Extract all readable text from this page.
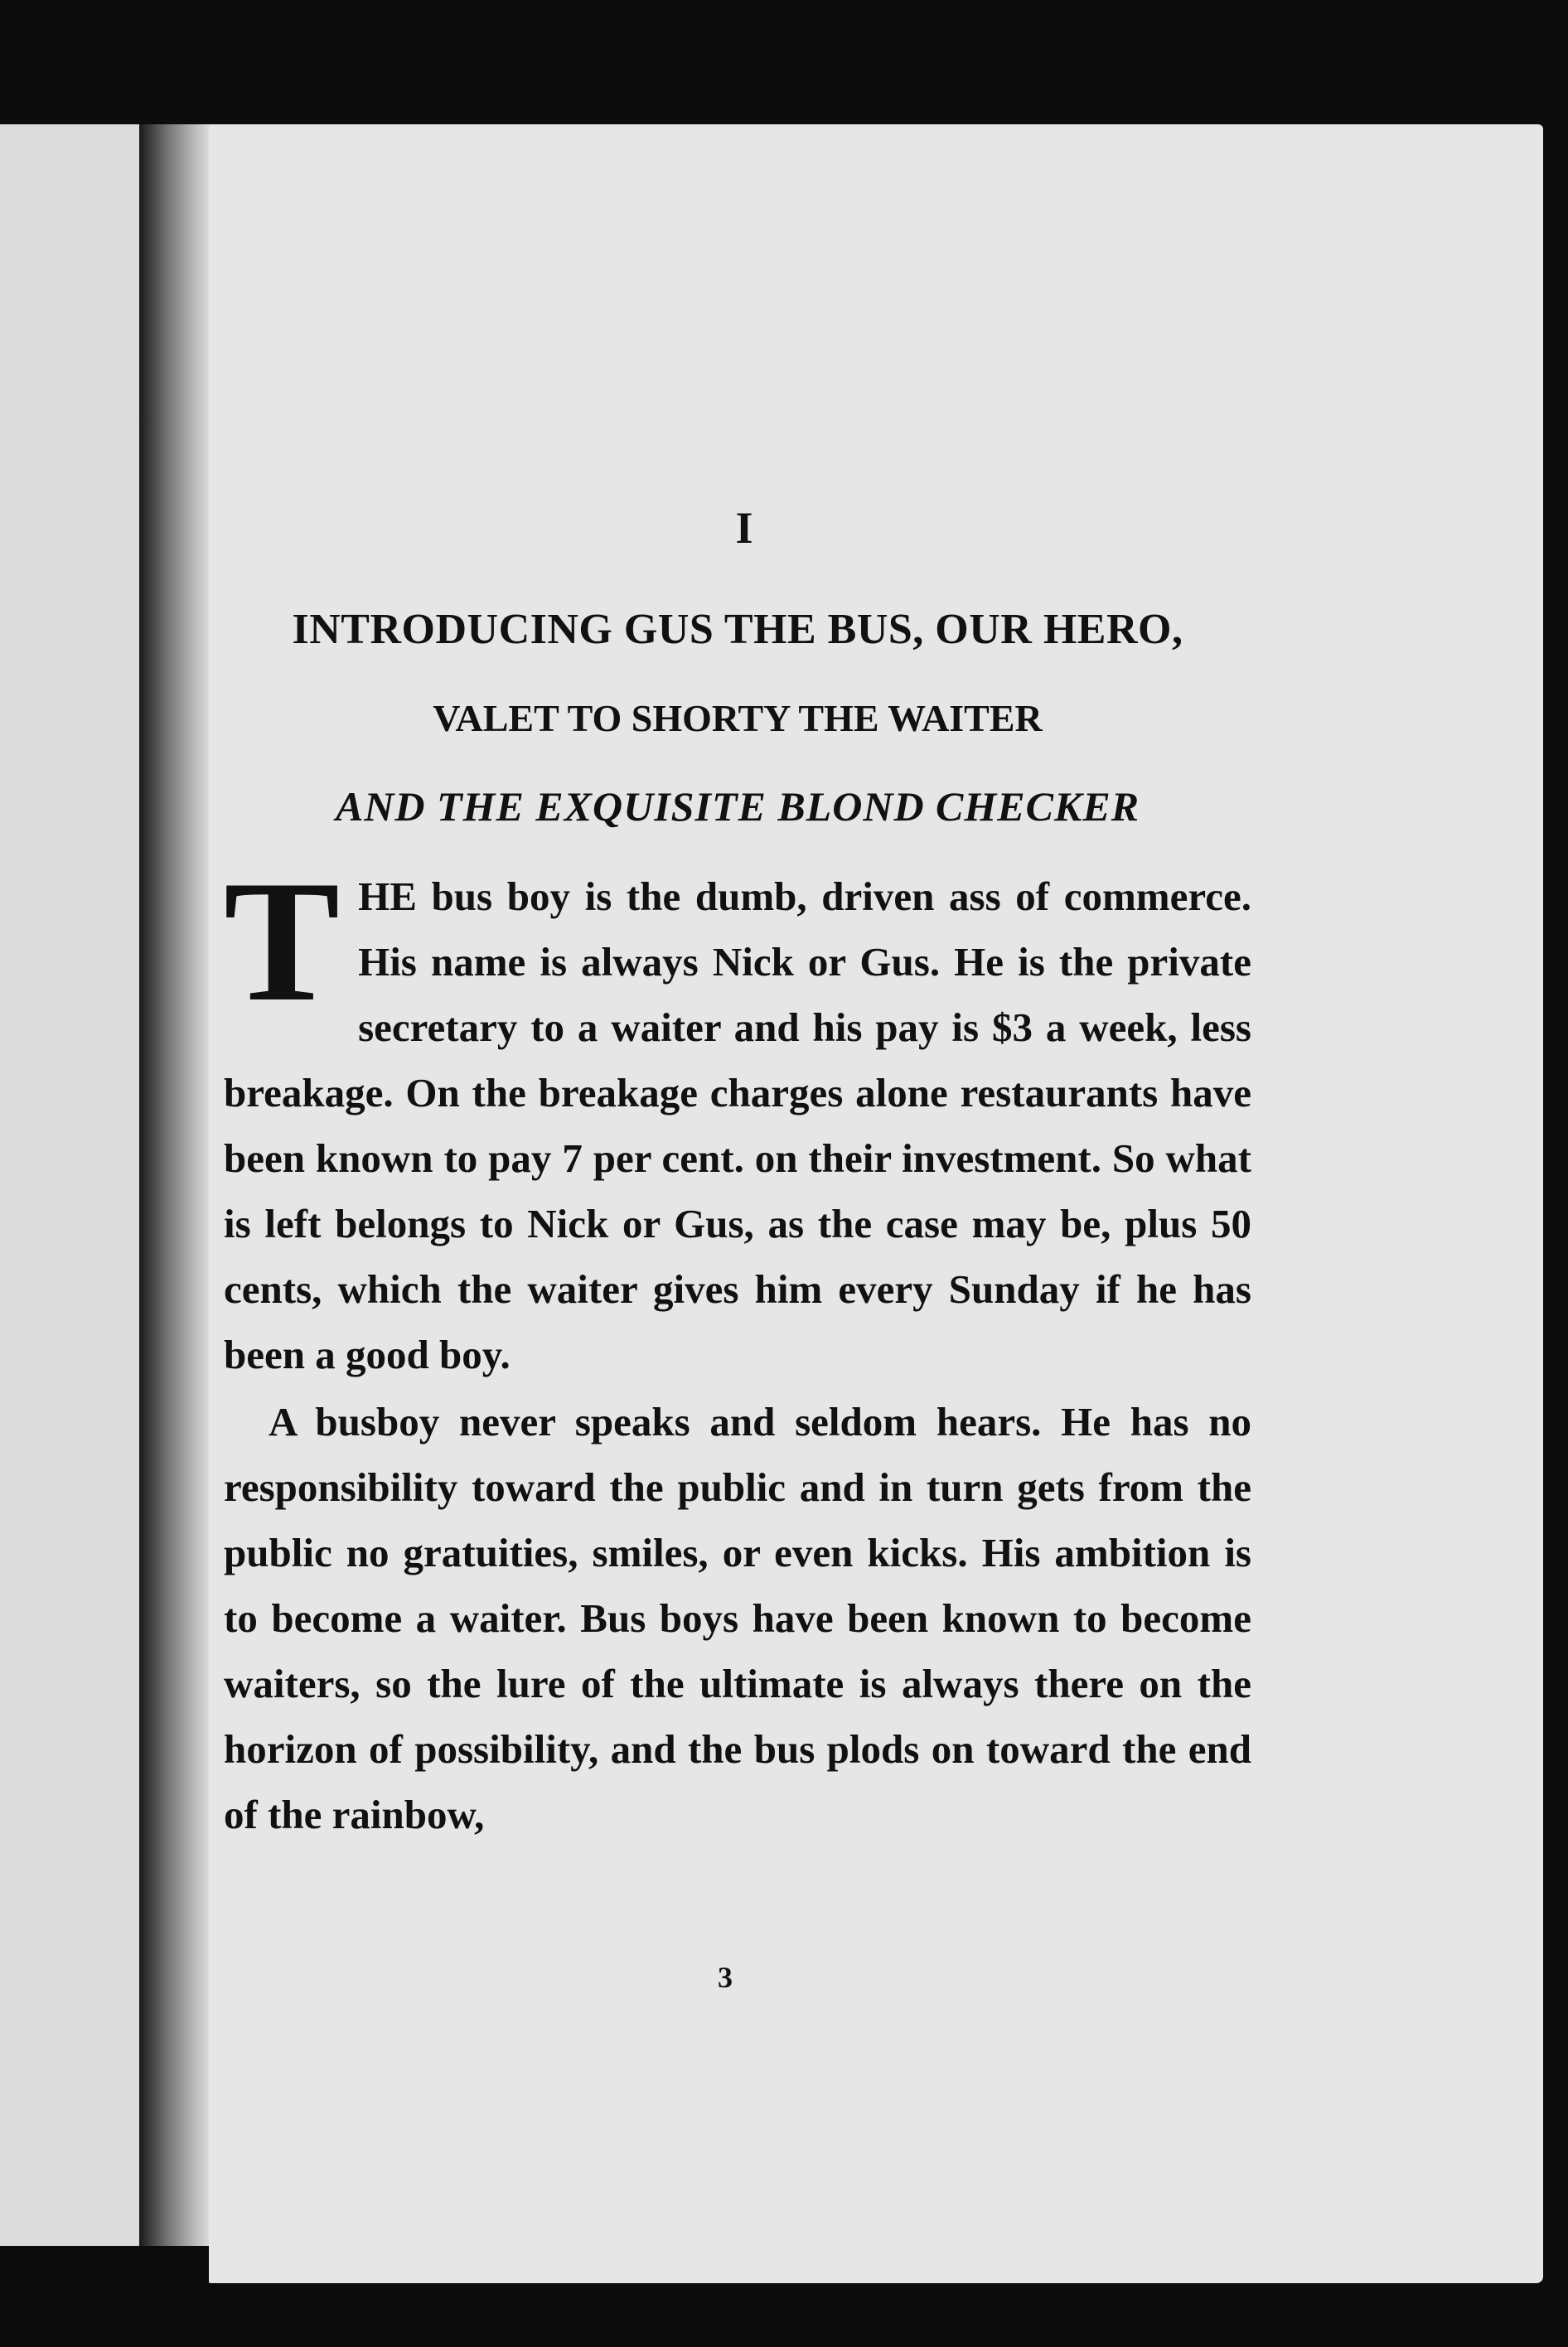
I
INTRODUCING GUS THE BUS, OUR HERO,
VALET TO SHORTY THE WAITER
AND THE EXQUISITE BLOND CHECKER

THE bus boy is the dumb, driven ass of commerce. His name is always Nick or Gus. He is the private secretary to a waiter and his pay is $3 a week, less breakage. On the breakage charges alone restaurants have been known to pay 7 per cent. on their investment. So what is left belongs to Nick or Gus, as the case may be, plus 50 cents, which the waiter gives him every Sunday if he has been a good boy.

A busboy never speaks and seldom hears. He has no responsibility toward the public and in turn gets from the public no gratuities, smiles, or even kicks. His ambition is to become a waiter. Bus boys have been known to become waiters, so the lure of the ultimate is always there on the horizon of possibility, and the bus plods on toward the end of the rainbow,

3
